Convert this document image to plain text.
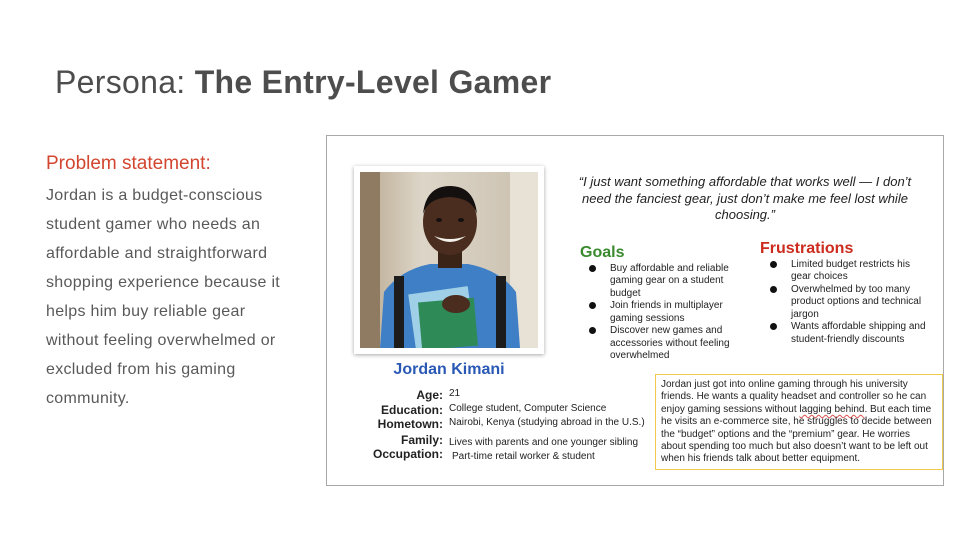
Persona: The Entry-Level Gamer
Problem statement:
Jordan is a budget-conscious
student gamer who needs an
affordable and straightforward
shopping experience because it
helps him buy reliable gear
without feeling overwhelmed or
excluded from his gaming
community.
Jordan Kimani
Age: 21
Education: College student, Computer Science
Hometown: Nairobi, Kenya (studying abroad in the U.S.)
Family: Lives with parents and one younger sibling
Occupation: Part-time retail worker & student
“I just want something affordable that works well — I don’t need the fanciest gear, just don’t make me feel lost while choosing.”
Goals
Buy affordable and reliable gaming gear on a student budget
Join friends in multiplayer gaming sessions
Discover new games and accessories without feeling overwhelmed
Frustrations
Limited budget restricts his gear choices
Overwhelmed by too many product options and technical jargon
Wants affordable shipping and student-friendly discounts
Jordan just got into online gaming through his university friends. He wants a quality headset and controller so he can enjoy gaming sessions without lagging behind. But each time he visits an e-commerce site, he struggles to decide between the “budget” options and the “premium” gear. He worries about spending too much but also doesn’t want to be left out when his friends talk about better equipment.
